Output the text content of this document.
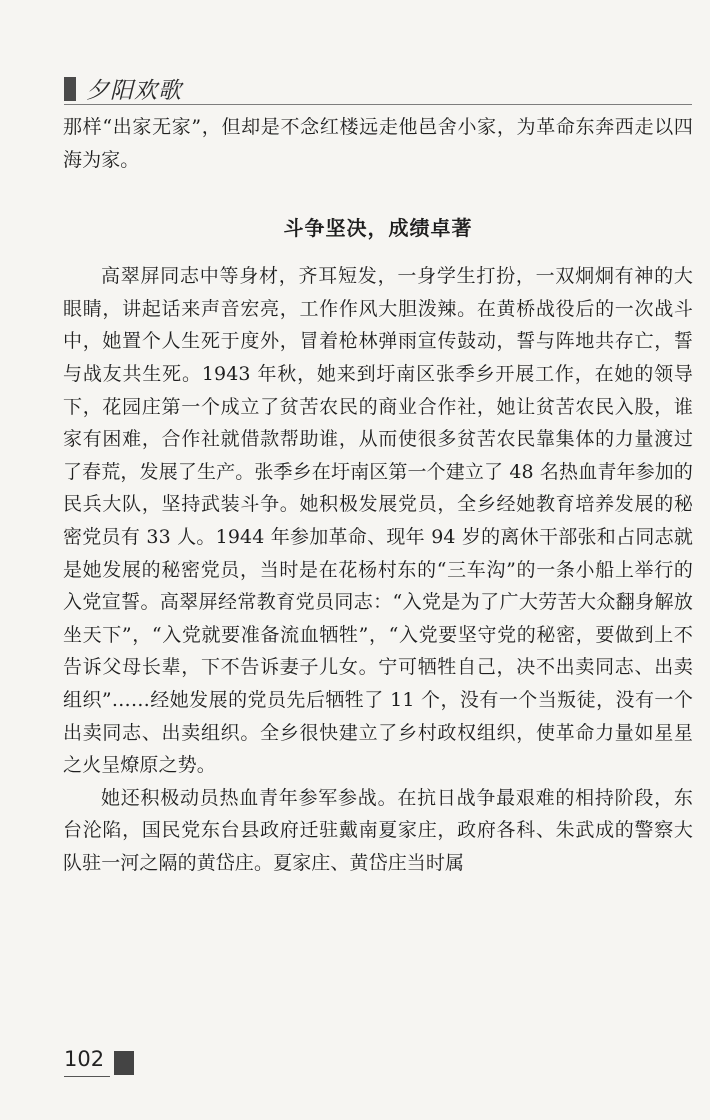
夕阳欢歌

那样“出家无家”，但却是不念红楼远走他邑舍小家，为革命东奔西走以四海为家。

斗争坚决，成绩卓著

高翠屏同志中等身材，齐耳短发，一身学生打扮，一双炯炯有神的大眼睛，讲起话来声音宏亮，工作作风大胆泼辣。在黄桥战役后的一次战斗中，她置个人生死于度外，冒着枪林弹雨宣传鼓动，誓与阵地共存亡，誓与战友共生死。1943 年秋，她来到圩南区张季乡开展工作，在她的领导下，花园庄第一个成立了贫苦农民的商业合作社，她让贫苦农民入股，谁家有困难，合作社就借款帮助谁，从而使很多贫苦农民靠集体的力量渡过了春荒，发展了生产。张季乡在圩南区第一个建立了 48 名热血青年参加的民兵大队，坚持武装斗争。她积极发展党员，全乡经她教育培养发展的秘密党员有 33 人。1944 年参加革命、现年 94 岁的离休干部张和占同志就是她发展的秘密党员，当时是在花杨村东的“三车沟”的一条小船上举行的入党宣誓。高翠屏经常教育党员同志：“入党是为了广大劳苦大众翻身解放坐天下”，“入党就要准备流血牺牲”，“入党要坚守党的秘密，要做到上不告诉父母长辈，下不告诉妻子儿女。宁可牺牲自己，决不出卖同志、出卖组织”……经她发展的党员先后牺牲了 11 个，没有一个当叛徒，没有一个出卖同志、出卖组织。全乡很快建立了乡村政权组织，使革命力量如星星之火呈燎原之势。

她还积极动员热血青年参军参战。在抗日战争最艰难的相持阶段，东台沦陷，国民党东台县政府迁驻戴南夏家庄，政府各科、朱武成的警察大队驻一河之隔的黄岱庄。夏家庄、黄岱庄当时属

102
